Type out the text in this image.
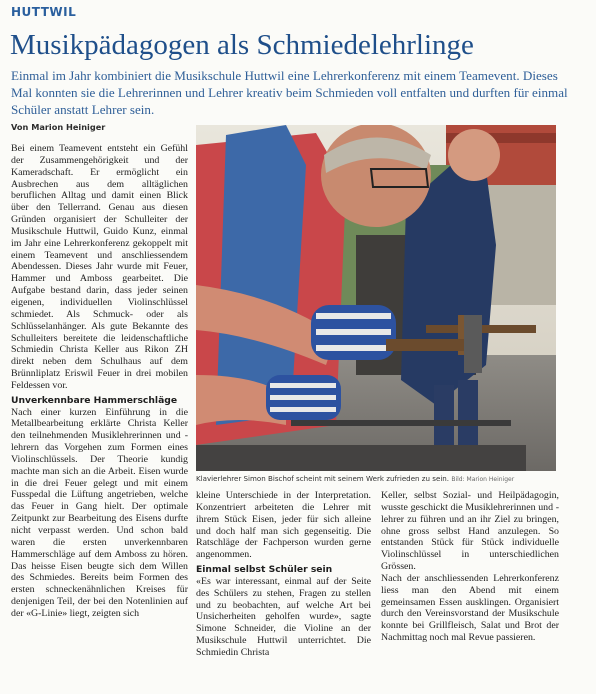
HUTTWIL
Musikpädagogen als Schmiedelehrlinge
Einmal im Jahr kombiniert die Musikschule Huttwil eine Lehrerkonferenz mit einem Teamevent. Dieses Mal konnten sie die Lehrerinnen und Lehrer kreativ beim Schmieden voll entfalten und durften für einmal Schüler anstatt Lehrer sein.
Von Marion Heiniger

Bei einem Teamevent entsteht ein Gefühl der Zusammengehörigkeit und der Kameradschaft. Er ermöglicht ein Ausbrechen aus dem alltäglichen beruflichen Alltag und damit einen Blick über den Tellerrand. Genau aus diesen Gründen organisiert der Schulleiter der Musikschule Huttwil, Guido Kunz, einmal im Jahr eine Lehrerkonferenz gekoppelt mit einem Teamevent und anschliessendem Abendessen. Dieses Jahr wurde mit Feuer, Hammer und Amboss gearbeitet. Die Aufgabe bestand darin, dass jeder seinen eigenen, individuellen Violinschlüssel schmiedet. Als Schmuck- oder als Schlüsselanhänger. Als gute Bekannte des Schulleiters bereitete die leidenschaftliche Schmiedin Christa Keller aus Rikon ZH direkt neben dem Schulhaus auf dem Brünnliplatz Eriswil Feuer in drei mobilen Feldessen vor.

Unverkennbare Hammerschläge

Nach einer kurzen Einführung in die Metallbearbeitung erklärte Christa Keller den teilnehmenden Musiklehrerinnen und -lehrern das Vorgehen zum Formen eines Violinschlüssels. Der Theorie kundig machte man sich an die Arbeit. Eisen wurde in die drei Feuer gelegt und mit einem Fusspedal die Lüftung angetrieben, welche das Feuer in Gang hielt. Der optimale Zeitpunkt zur Bearbeitung des Eisens durfte nicht verpasst werden. Und schon bald waren die ersten unverkennbaren Hammerschläge auf dem Amboss zu hören. Das heisse Eisen beugte sich dem Willen des Schmiedes. Bereits beim Formen des ersten schneckenähnlichen Kreises für denjenigen Teil, der bei den Notenlinien auf der «G-Linie» liegt, zeigten sich

Klavierlehrer Simon Bischof scheint mit seinem Werk zufrieden zu sein. Bild: Marion Heiniger

kleine Unterschiede in der Interpretation. Konzentriert arbeiteten die Lehrer mit ihrem Stück Eisen, jeder für sich alleine und doch half man sich gegenseitig. Die Ratschläge der Fachperson wurden gerne angenommen.

Einmal selbst Schüler sein

«Es war interessant, einmal auf der Seite des Schülers zu stehen, Fragen zu stellen und zu beobachten, auf welche Art bei Unsicherheiten geholfen wurde», sagte Simone Schneider, die Violine an der Musikschule Huttwil unterrichtet. Die Schmiedin Christa

Keller, selbst Sozial- und Heilpädagogin, wusste geschickt die Musiklehrerinnen und -lehrer zu führen und an ihr Ziel zu bringen, ohne gross selbst Hand anzulegen. So entstanden Stück für Stück individuelle Violinschlüssel in unterschiedlichen Grössen.

Nach der anschliessenden Lehrerkonferenz liess man den Abend mit einem gemeinsamen Essen ausklingen. Organisiert durch den Vereinsvorstand der Musikschule konnte bei Grillfleisch, Salat und Brot der Nachmittag noch mal Revue passieren.
